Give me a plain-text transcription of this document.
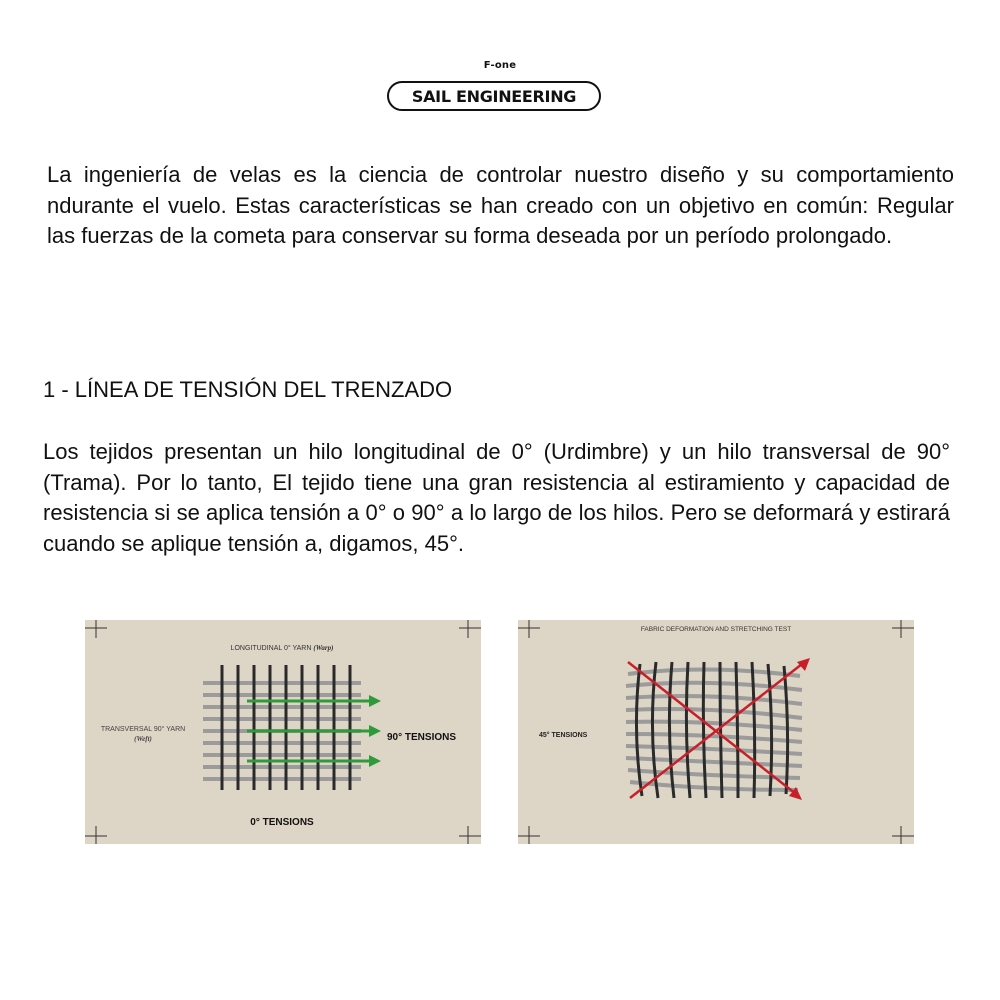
F-one
SAIL ENGINEERING

La ingeniería de velas es la ciencia de controlar nuestro diseño y su comportamiento ndurante el vuelo. Estas características se han creado con un objetivo en común: Regular las fuerzas de la cometa para conservar su forma deseada por un período prolongado.

1 - LÍNEA DE TENSIÓN DEL TRENZADO

Los tejidos presentan un hilo longitudinal de 0° (Urdimbre) y un hilo transversal de 90° (Trama). Por lo tanto, El tejido tiene una gran resistencia al estiramiento y capacidad de resistencia si se aplica tensión a 0° o 90° a lo largo de los hilos. Pero se deformará y estirará cuando se aplique tensión a, digamos, 45°.

LONGITUDINAL 0° YARN (Warp)
TRANSVERSAL 90° YARN
(Weft)	90° TENSIONS
0° TENSIONS
FABRIC DEFORMATION AND STRETCHING TEST
45° TENSIONS
